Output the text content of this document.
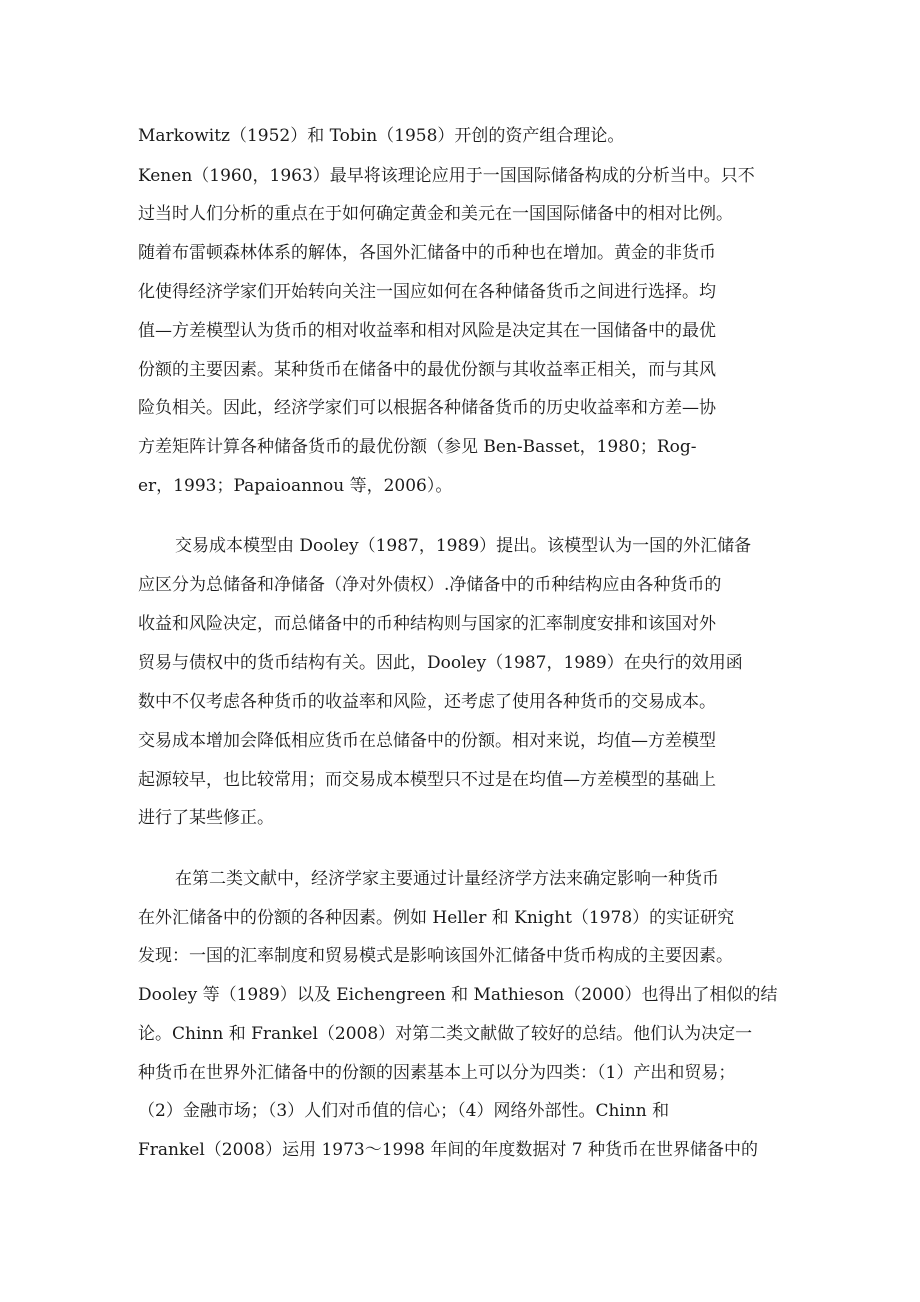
Markowitz（1952）和 Tobin（1958）开创的资产组合理论。
Kenen（1960，1963）最早将该理论应用于一国国际储备构成的分析当中。只不
过当时人们分析的重点在于如何确定黄金和美元在一国国际储备中的相对比例。
随着布雷顿森林体系的解体，各国外汇储备中的币种也在增加。黄金的非货币
化使得经济学家们开始转向关注一国应如何在各种储备货币之间进行选择。均
值—方差模型认为货币的相对收益率和相对风险是决定其在一国储备中的最优
份额的主要因素。某种货币在储备中的最优份额与其收益率正相关，而与其风
险负相关。因此，经济学家们可以根据各种储备货币的历史收益率和方差—协
方差矩阵计算各种储备货币的最优份额（参见 Ben-Basset，1980；Rog-
er，1993；Papaioannou 等，2006）。
交易成本模型由 Dooley（1987，1989）提出。该模型认为一国的外汇储备
应区分为总储备和净储备（净对外债权）.净储备中的币种结构应由各种货币的
收益和风险决定，而总储备中的币种结构则与国家的汇率制度安排和该国对外
贸易与债权中的货币结构有关。因此，Dooley（1987，1989）在央行的效用函
数中不仅考虑各种货币的收益率和风险，还考虑了使用各种货币的交易成本。
交易成本增加会降低相应货币在总储备中的份额。相对来说，均值—方差模型
起源较早，也比较常用；而交易成本模型只不过是在均值—方差模型的基础上
进行了某些修正。
在第二类文献中，经济学家主要通过计量经济学方法来确定影响一种货币
在外汇储备中的份额的各种因素。例如 Heller 和 Knight（1978）的实证研究
发现：一国的汇率制度和贸易模式是影响该国外汇储备中货币构成的主要因素。
Dooley 等（1989）以及 Eichengreen 和 Mathieson（2000）也得出了相似的结
论。Chinn 和 Frankel（2008）对第二类文献做了较好的总结。他们认为决定一
种货币在世界外汇储备中的份额的因素基本上可以分为四类：（1）产出和贸易；
（2）金融市场；（3）人们对币值的信心；（4）网络外部性。Chinn 和
Frankel（2008）运用 1973～1998 年间的年度数据对 7 种货币在世界储备中的
